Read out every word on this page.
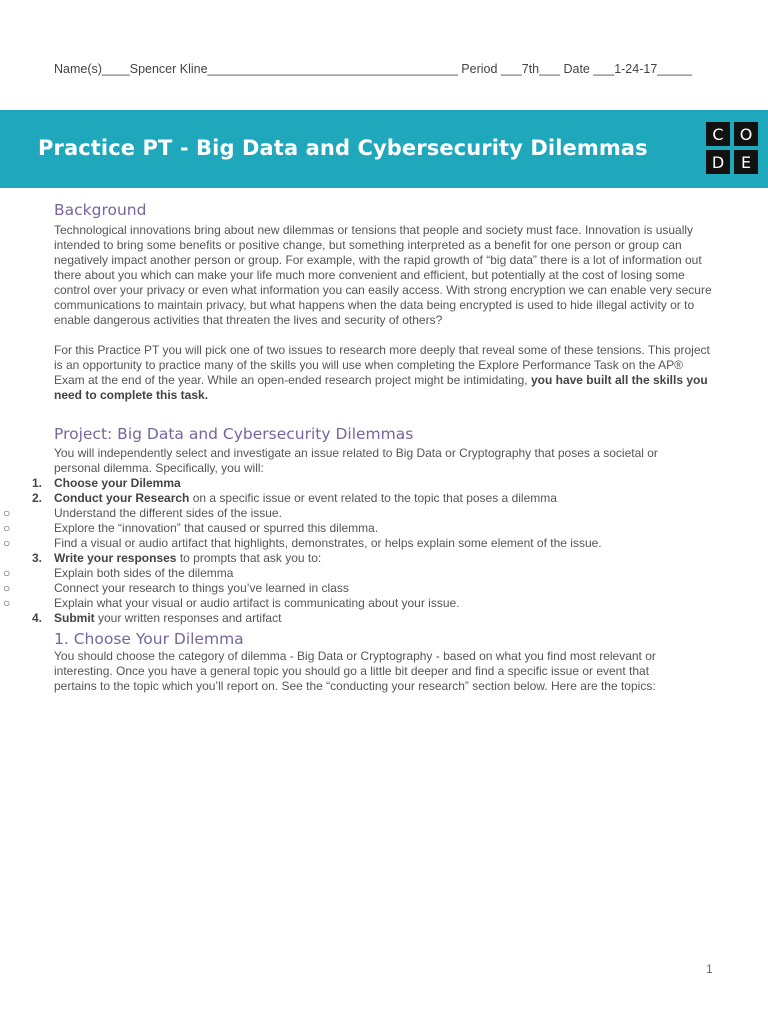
Name(s)____Spencer Kline____________________________________ Period ___7th___ Date ___1-24-17_____
Practice PT - Big Data and Cybersecurity Dilemmas
C	O
D	E
Background

Technological innovations bring about new dilemmas or tensions that people and society must face. Innovation is usually intended to bring some benefits or positive change, but something interpreted as a benefit for one person or group can negatively impact another person or group. For example, with the rapid growth of “big data” there is a lot of information out there about you which can make your life much more convenient and efficient, but potentially at the cost of losing some control over your privacy or even what information you can easily access. With strong encryption we can enable very secure communications to maintain privacy, but what happens when the data being encrypted is used to hide illegal activity or to enable dangerous activities that threaten the lives and security of others?

For this Practice PT you will pick one of two issues to research more deeply that reveal some of these tensions. This project is an opportunity to practice many of the skills you will use when completing the Explore Performance Task on the AP® Exam at the end of the year. While an open-ended research project might be intimidating, you have built all the skills you need to complete this task.

Project: Big Data and Cybersecurity Dilemmas

You will independently select and investigate an issue related to Big Data or Cryptography that poses a societal or personal dilemma. Specifically, you will:

1. Choose your Dilemma
2. Conduct your Research on a specific issue or event related to the topic that poses a dilemma
○	Understand the different sides of the issue.
○	Explore the “innovation” that caused or spurred this dilemma.
○	Find a visual or audio artifact that highlights, demonstrates, or helps explain some element of the issue.
3. Write your responses to prompts that ask you to:
○	Explain both sides of the dilemma
○	Connect your research to things you’ve learned in class
○	Explain what your visual or audio artifact is communicating about your issue.
4. Submit your written responses and artifact
1. Choose Your Dilemma

You should choose the category of dilemma - Big Data or Cryptography - based on what you find most relevant or interesting. Once you have a general topic you should go a little bit deeper and find a specific issue or event that pertains to the topic which you’ll report on. See the “conducting your research” section below. Here are the topics:

1
